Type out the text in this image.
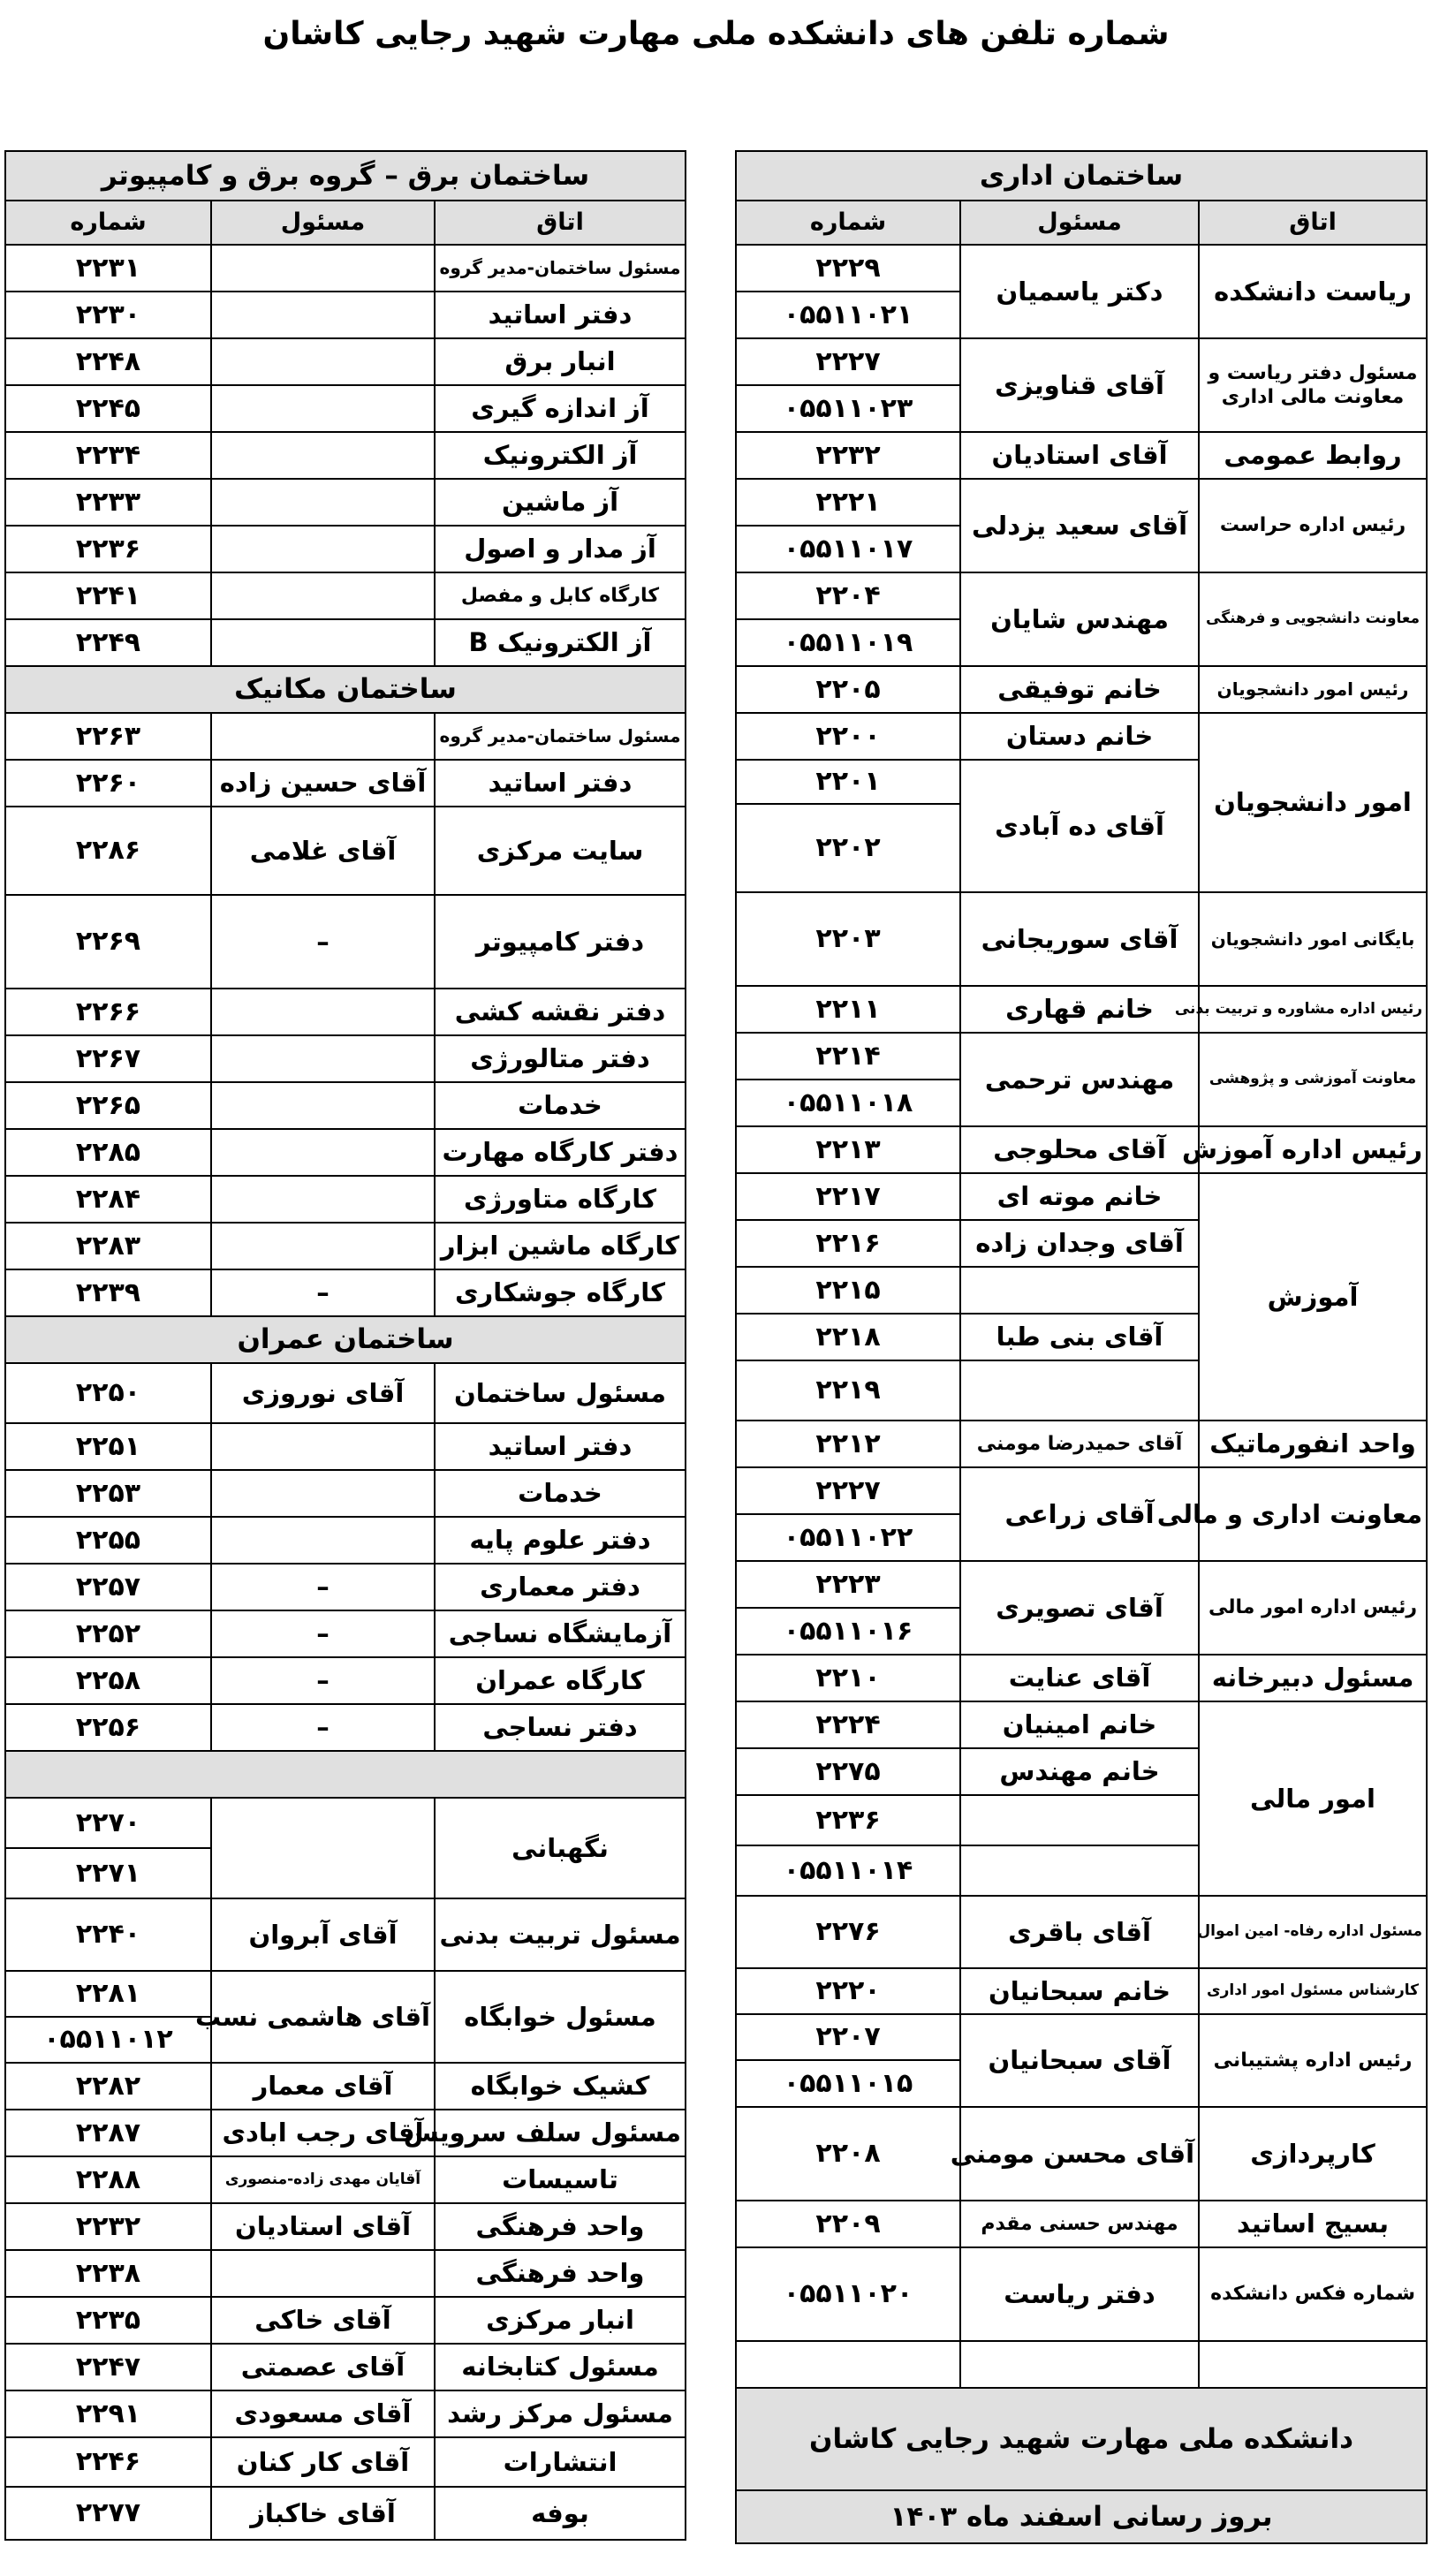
شماره تلفن های دانشکده ملی مهارت شهید رجایی کاشان
ساختمان برق – گروه برق و کامپیوتر		
اتاق	مسئول	شماره
مسئول ساختمان-مدیر گروه		۲۲۳۱
دفتر اساتید		۲۲۳۰
انبار برق		۲۲۴۸
آز اندازه گیری		۲۲۴۵
آز الکترونیک		۲۲۳۴
آز ماشین		۲۲۳۳
آز مدار و اصول		۲۲۳۶
کارگاه کابل و مفصل		۲۲۴۱
آز الکترونیک B		۲۲۴۹
ساختمان مکانیک		
مسئول ساختمان-مدیر گروه		۲۲۶۳
دفتر اساتید	آقای حسین زاده	۲۲۶۰
سایت مرکزی	آقای غلامی	۲۲۸۶
دفتر کامپیوتر	–	۲۲۶۹
دفتر نقشه کشی		۲۲۶۶
دفتر متالورژی		۲۲۶۷
خدمات		۲۲۶۵
دفتر کارگاه مهارت		۲۲۸۵
کارگاه متاورژی		۲۲۸۴
کارگاه ماشین ابزار		۲۲۸۳
کارگاه جوشکاری	–	۲۲۳۹
ساختمان عمران		
مسئول ساختمان	آقای نوروزی	۲۲۵۰
دفتر اساتید		۲۲۵۱
خدمات		۲۲۵۳
دفتر علوم پایه		۲۲۵۵
دفتر معماری	–	۲۲۵۷
آزمایشگاه نساجی	–	۲۲۵۲
کارگاه عمران	–	۲۲۵۸
دفتر نساجی	–	۲۲۵۶

نگهبانی		۲۲۷۰
		۲۲۷۱
مسئول تربیت بدنی	آقای آبروان	۲۲۴۰
مسئول خوابگاه	آقای هاشمی نسب	۲۲۸۱
		۰۵۵۱۱۰۱۲
کشیک خوابگاه	آقای معمار	۲۲۸۲
مسئول سلف سرویس	آقای رجب ابادی	۲۲۸۷
تاسیسات	آقایان مهدی زاده-منصوری	۲۲۸۸
واحد فرهنگی	آقای استادیان	۲۲۳۲
واحد فرهنگی		۲۲۳۸
انبار مرکزی	آقای خاکی	۲۲۳۵
مسئول کتابخانه	آقای عصمتی	۲۲۴۷
مسئول مرکز رشد	آقای مسعودی	۲۲۹۱
انتشارات	آقای کار کنان	۲۲۴۶
بوفه	آقای خاکباز	۲۲۷۷
ساختمان اداری		
اتاق	مسئول	شماره
ریاست دانشکده	دکتر یاسمیان	۲۲۲۹
		۰۵۵۱۱۰۲۱
مسئول دفتر ریاست و معاونت مالی اداری	آقای قناویزی	۲۲۲۷
		۰۵۵۱۱۰۲۳
روابط عمومی	آقای استادیان	۲۲۳۲
رئیس اداره حراست	آقای سعید یزدلی	۲۲۲۱
		۰۵۵۱۱۰۱۷
معاونت دانشجویی و فرهنگی	مهندس شایان	۲۲۰۴
		۰۵۵۱۱۰۱۹
رئیس امور دانشجویان	خانم توفیقی	۲۲۰۵
امور دانشجویان	خانم دستان	۲۲۰۰
	آقای ده آبادی	۲۲۰۱
		۲۲۰۲
بایگانی امور دانشجویان	آقای سوریجانی	۲۲۰۳
رئیس اداره مشاوره و تربیت بدنی	خانم قهاری	۲۲۱۱
معاونت آموزشی و پژوهشی	مهندس ترحمی	۲۲۱۴
		۰۵۵۱۱۰۱۸
رئیس اداره آموزش	آقای محلوجی	۲۲۱۳
آموزش	خانم موته ای	۲۲۱۷
	آقای وجدان زاده	۲۲۱۶
		۲۲۱۵
	آقای بنی طبا	۲۲۱۸
		۲۲۱۹
واحد انفورماتیک	آقای حمیدرضا مومنی	۲۲۱۲
معاونت اداری و مالی	آقای زراعی	۲۲۲۷
		۰۵۵۱۱۰۲۲
رئیس اداره امور مالی	آقای تصویری	۲۲۲۳
		۰۵۵۱۱۰۱۶
مسئول دبیرخانه	آقای عنایت	۲۲۱۰
امور مالی	خانم امینیان	۲۲۲۴
	خانم مهندس	۲۲۷۵
		۲۲۳۶
		۰۵۵۱۱۰۱۴
مسئول اداره رفاه- امین اموال	آقای باقری	۲۲۷۶
کارشناس مسئول امور اداری	خانم سبحانیان	۲۲۲۰
رئیس اداره پشتیبانی	آقای سبحانیان	۲۲۰۷
		۰۵۵۱۱۰۱۵
کارپردازی	آقای محسن مومنی	۲۲۰۸
بسیج اساتید	مهندس حسنی مقدم	۲۲۰۹
شماره فکس دانشکده	دفتر ریاست	۰۵۵۱۱۰۲۰

دانشکده ملی مهارت شهید رجایی کاشان		
بروز رسانی اسفند ماه ۱۴۰۳		
